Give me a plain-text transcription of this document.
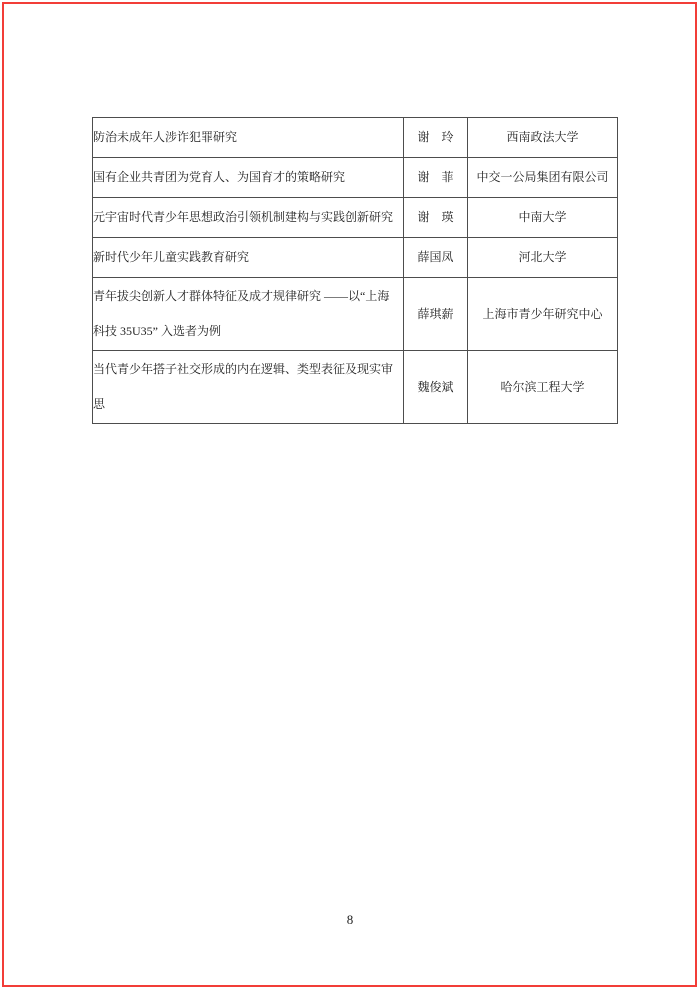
防治未成年人涉诈犯罪研究	谢　玲	西南政法大学

国有企业共青团为党育人、为国育才的策略研究	谢　菲	中交一公局集团有限公司

元宇宙时代青少年思想政治引领机制建构与实践创新研究	谢　瑛	中南大学

新时代少年儿童实践教育研究	薛国凤	河北大学

青年拔尖创新人才群体特征及成才规律研究 ——以“上海
科技 35U35” 入选者为例	薛琪薪	上海市青少年研究中心

当代青少年搭子社交形成的内在逻辑、类型表征及现实审
思	魏俊斌	哈尔滨工程大学
8
